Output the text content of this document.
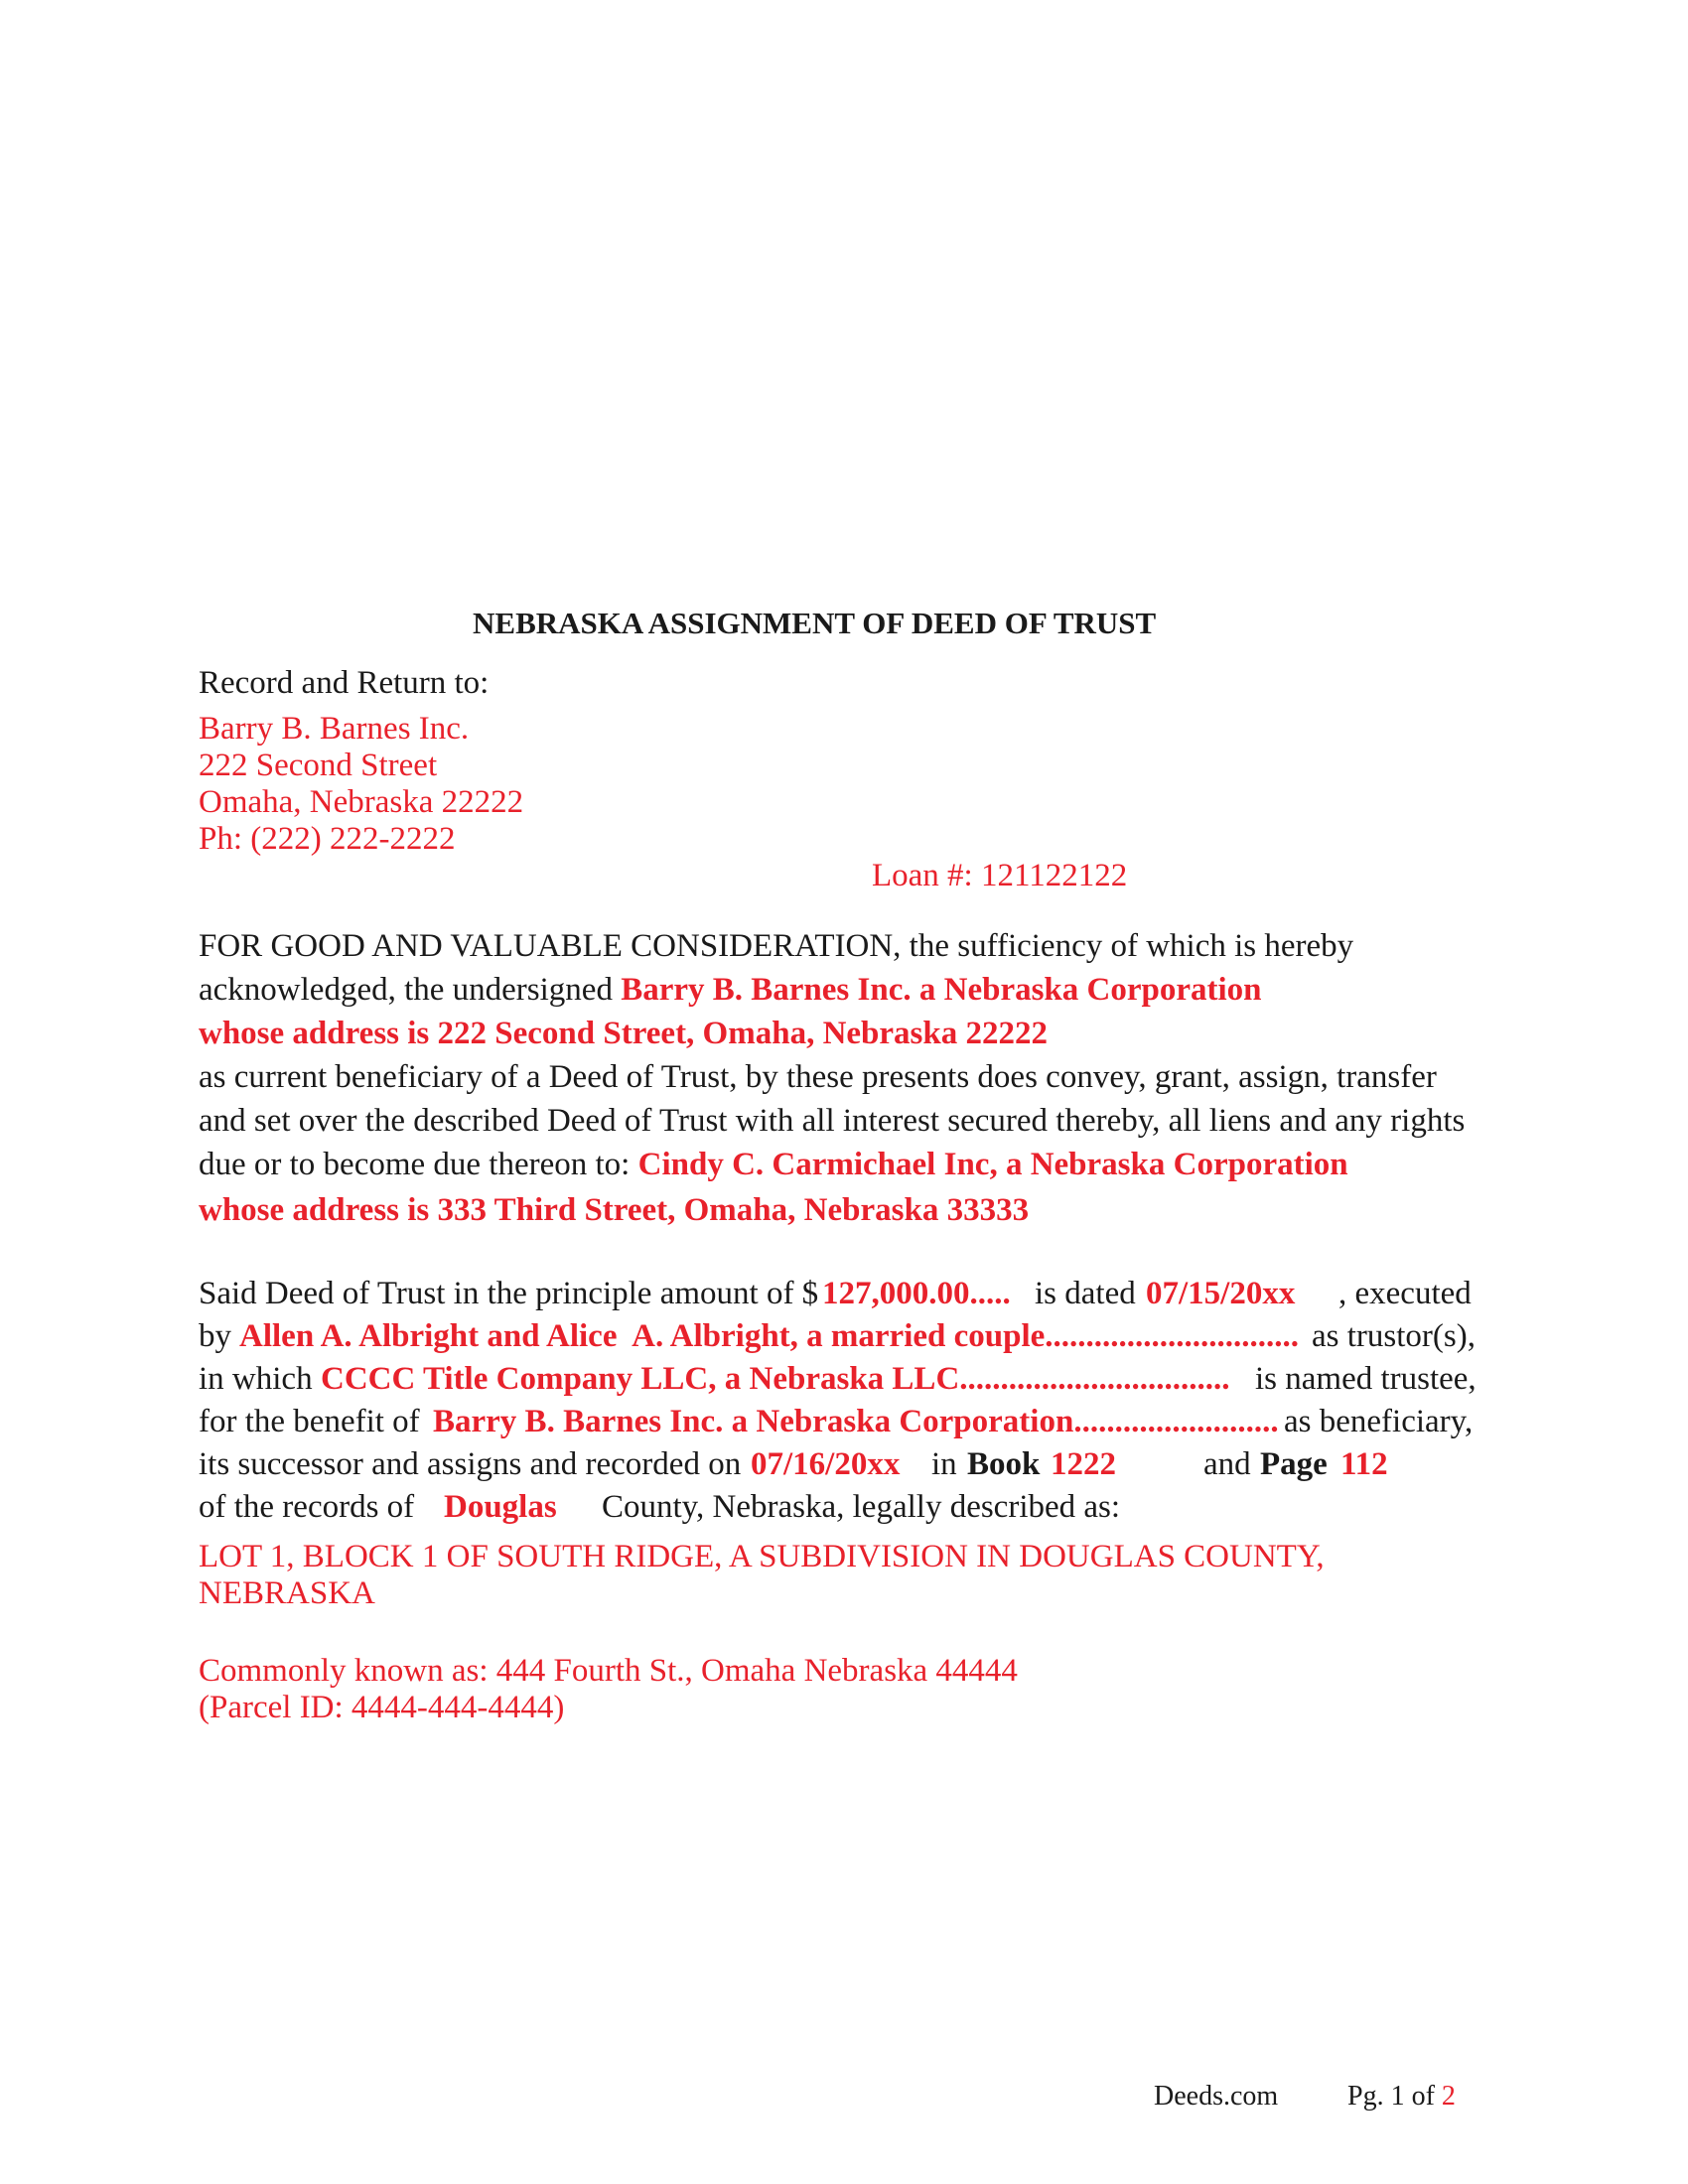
NEBRASKA ASSIGNMENT OF DEED OF TRUST
Record and Return to:
Barry B. Barnes Inc.
222 Second Street
Omaha, Nebraska 22222
Ph: (222) 222-2222
Loan #: 121122122
FOR GOOD AND VALUABLE CONSIDERATION, the sufficiency of which is hereby
acknowledged, the undersigned Barry B. Barnes Inc. a Nebraska Corporation
whose address is 222 Second Street, Omaha, Nebraska 22222
as current beneficiary of a Deed of Trust, by these presents does convey, grant, assign, transfer
and set over the described Deed of Trust with all interest secured thereby, all liens and any rights
due or to become due thereon to: Cindy C. Carmichael Inc, a Nebraska Corporation
whose address is 333 Third Street, Omaha, Nebraska 33333
Said Deed of Trust in the principle amount of $ 127,000.00..... is dated 07/15/20xx , executed
by Allen A. Albright and Alice  A. Albright, a married couple............................... as trustor(s),
in which CCCC Title Company LLC, a Nebraska LLC................................. is named trustee,
for the benefit of Barry B. Barnes Inc. a Nebraska Corporation......................... as beneficiary,
its successor and assigns and recorded on 07/16/20xx in Book 1222	and Page 112
of the records of Douglas County, Nebraska, legally described as:
LOT 1, BLOCK 1 OF SOUTH RIDGE, A SUBDIVISION IN DOUGLAS COUNTY,
NEBRASKA
Commonly known as: 444 Fourth St., Omaha Nebraska 44444
(Parcel ID: 4444-444-4444)
Deeds.com Pg. 1 of 2
